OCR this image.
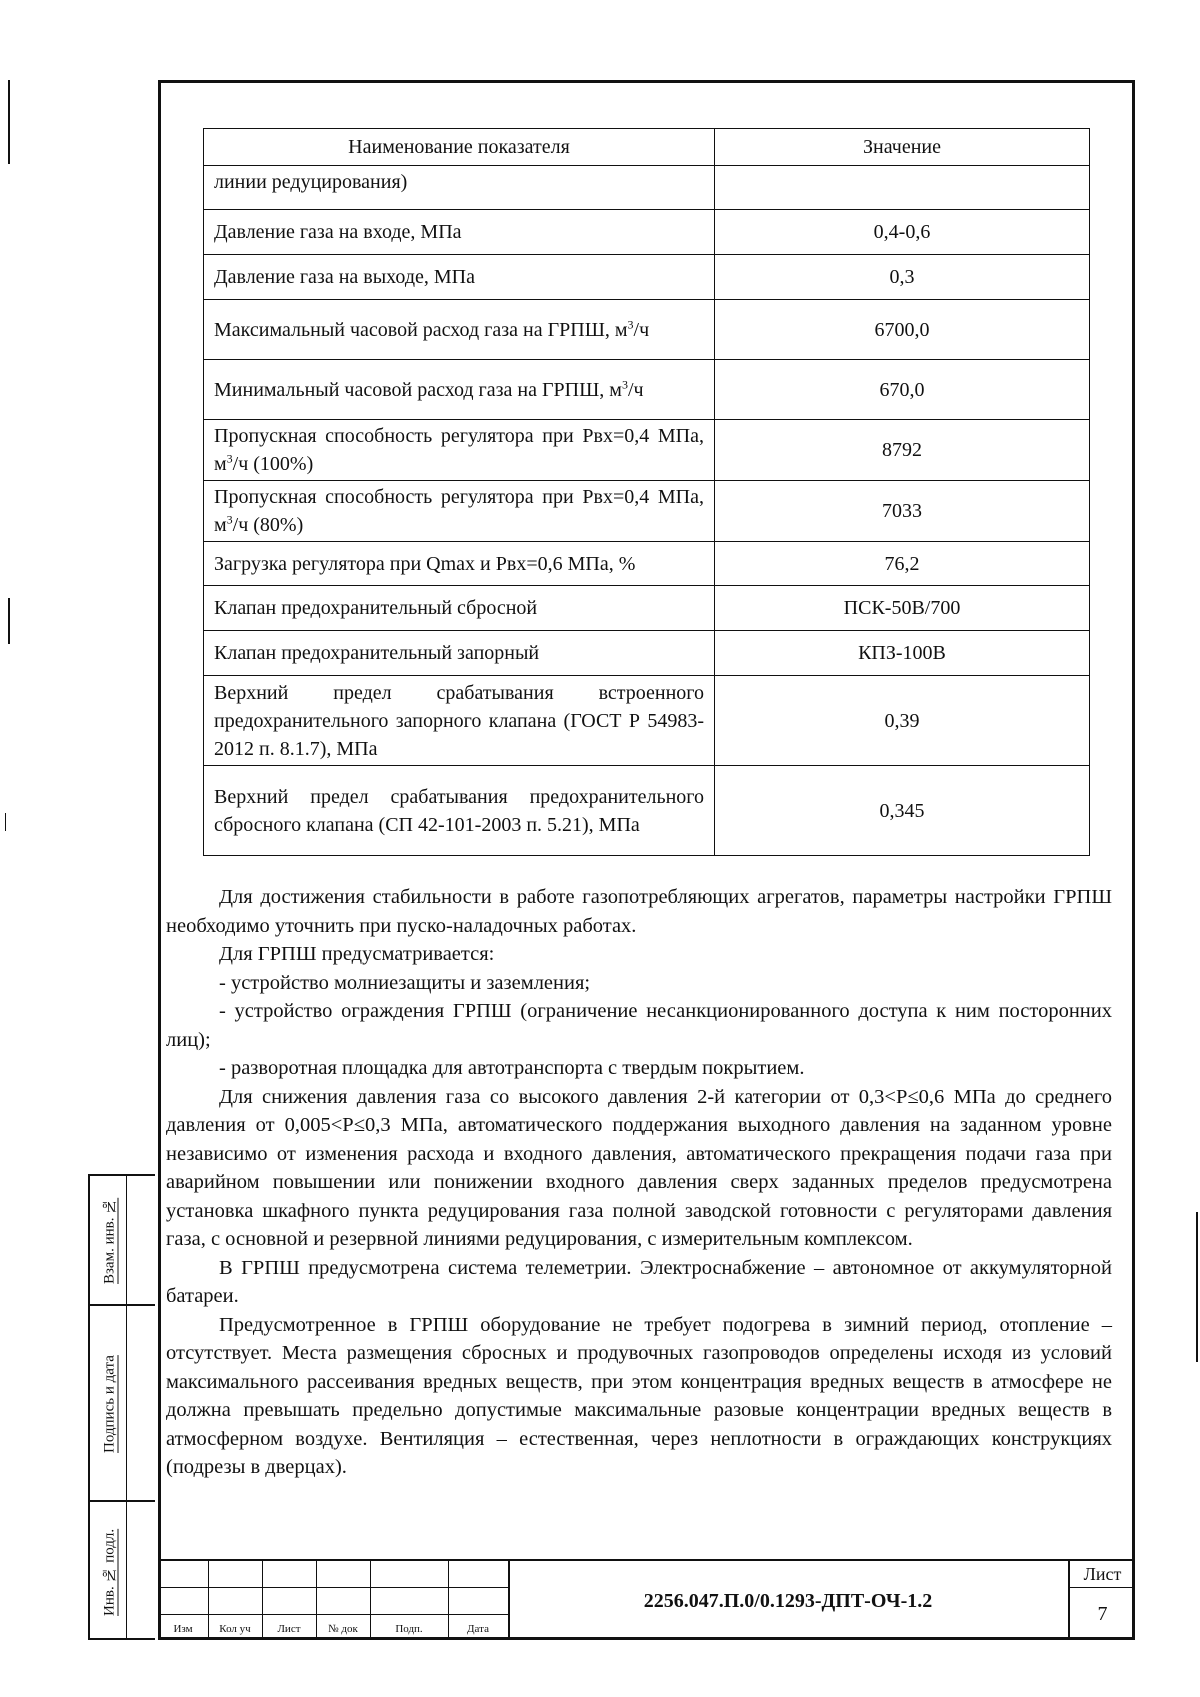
Взам. инв. №
Подпись и дата
Инв. № подл.
Наименование показателя	Значение
линии редуцирования)	
Давление газа на входе, МПа	0,4-0,6
Давление газа на выходе, МПа	0,3
Максимальный часовой расход газа на ГРПШ, $м^3/ч$	6700,0
Минимальный часовой расход газа на ГРПШ, $м^3/ч$	670,0
Пропускная способность регулятора при Рвх=0,4 МПа, $м^3/ч$ (100%)	8792
Пропускная способность регулятора при Рвх=0,4 МПа, $м^3/ч$ (80%)	7033
Загрузка регулятора при Qmax и Рвх=0,6 МПа, %	76,2
Клапан предохранительный сбросной	ПСК-50В/700
Клапан предохранительный запорный	КПЗ-100В
Верхний предел срабатывания встроенного предохранительного запорного клапана (ГОСТ Р 54983-2012 п. 8.1.7), МПа	0,39
Верхний предел срабатывания предохранительного сбросного клапана (СП 42-101-2003 п. 5.21), МПа	0,345

Для достижения стабильности в работе газопотребляющих агрегатов, параметры настройки ГРПШ необходимо уточнить при пуско-наладочных работах.

Для ГРПШ предусматривается:

- устройство молниезащиты и заземления;

- устройство ограждения ГРПШ (ограничение несанкционированного доступа к ним посторонних лиц);

- разворотная площадка для автотранспорта с твердым покрытием.

Для снижения давления газа со высокого давления 2-й категории от 0,3<Р≤0,6 МПа до среднего давления от 0,005<Р≤0,3 МПа, автоматического поддержания выходного давления на заданном уровне независимо от изменения расхода и входного давления, автоматического прекращения подачи газа при аварийном повышении или понижении входного давления сверх заданных пределов предусмотрена установка шкафного пункта редуцирования газа полной заводской готовности с регуляторами давления газа, с основной и резервной линиями редуцирования, с измерительным комплексом.

В ГРПШ предусмотрена система телеметрии. Электроснабжение – автономное от аккумуляторной батареи.

Предусмотренное в ГРПШ оборудование не требует подогрева в зимний период, отопление – отсутствует. Места размещения сбросных и продувочных газопроводов определены исходя из условий максимального рассеивания вредных веществ, при этом концентрация вредных веществ в атмосфере не должна превышать предельно допустимые максимальные разовые концентрации вредных веществ в атмосферном воздухе. Вентиляция – естественная, через неплотности в ограждающих конструкциях (подрезы в дверцах).

Изм	Кол уч	Лист	№ док	Подп.	Дата
2256.047.П.0/0.1293-ДПТ-ОЧ-1.2
Лист
7
